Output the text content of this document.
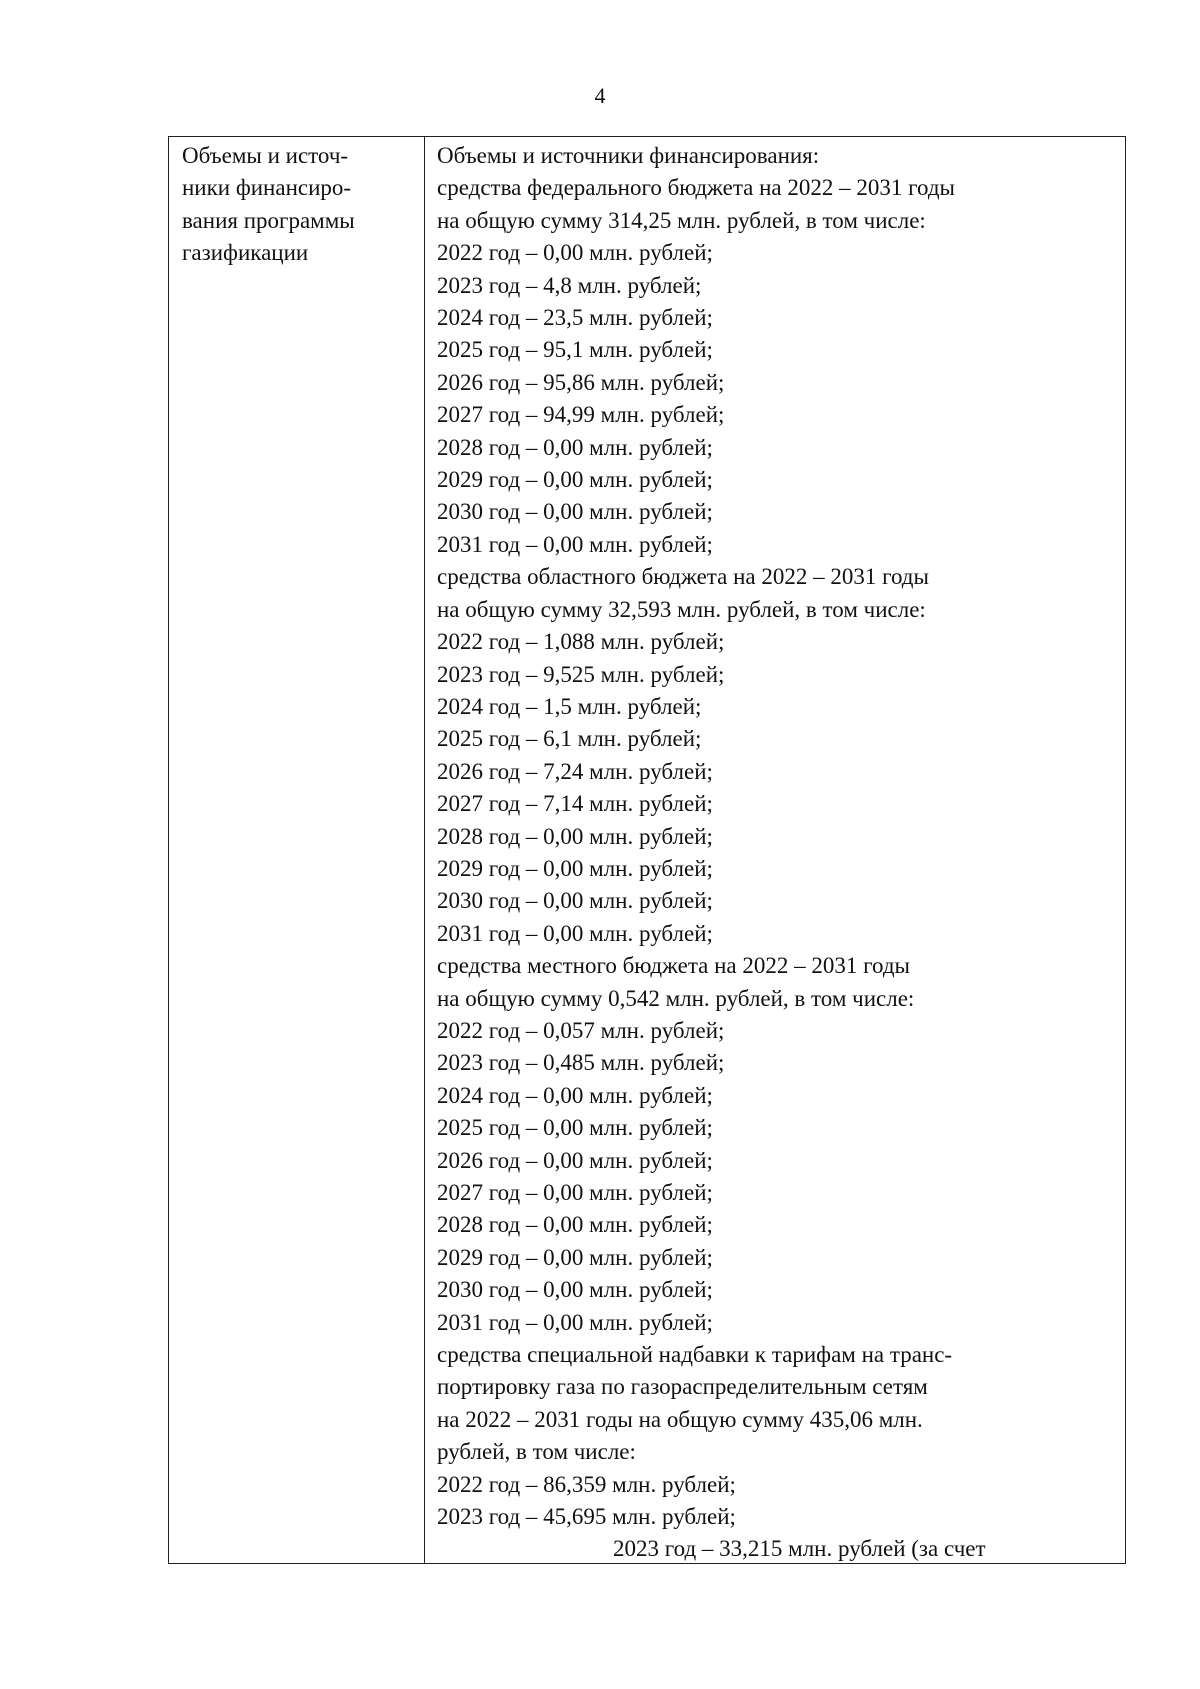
4
Объемы и источ-
ники финансиро-
вания программы
газификации
Объемы и источники финансирования:
средства федерального бюджета на 2022 – 2031 годы
на общую сумму 314,25 млн. рублей, в том числе:
2022 год – 0,00 млн. рублей;
2023 год – 4,8 млн. рублей;
2024 год – 23,5 млн. рублей;
2025 год – 95,1 млн. рублей;
2026 год – 95,86 млн. рублей;
2027 год – 94,99 млн. рублей;
2028 год – 0,00 млн. рублей;
2029 год – 0,00 млн. рублей;
2030 год – 0,00 млн. рублей;
2031 год – 0,00 млн. рублей;
средства областного бюджета на 2022 – 2031 годы
на общую сумму 32,593 млн. рублей, в том числе:
2022 год – 1,088 млн. рублей;
2023 год – 9,525 млн. рублей;
2024 год – 1,5 млн. рублей;
2025 год – 6,1 млн. рублей;
2026 год – 7,24 млн. рублей;
2027 год – 7,14 млн. рублей;
2028 год – 0,00 млн. рублей;
2029 год – 0,00 млн. рублей;
2030 год – 0,00 млн. рублей;
2031 год – 0,00 млн. рублей;
средства местного бюджета на 2022 – 2031 годы
на общую сумму 0,542 млн. рублей, в том числе:
2022 год – 0,057 млн. рублей;
2023 год – 0,485 млн. рублей;
2024 год – 0,00 млн. рублей;
2025 год – 0,00 млн. рублей;
2026 год – 0,00 млн. рублей;
2027 год – 0,00 млн. рублей;
2028 год – 0,00 млн. рублей;
2029 год – 0,00 млн. рублей;
2030 год – 0,00 млн. рублей;
2031 год – 0,00 млн. рублей;
средства специальной надбавки к тарифам на транс-
портировку газа по газораспределительным сетям
на 2022 – 2031 годы на общую сумму 435,06 млн.
рублей, в том числе:
2022 год – 86,359 млн. рублей;
2023 год – 45,695 млн. рублей;
2023 год – 33,215 млн. рублей (за счет
